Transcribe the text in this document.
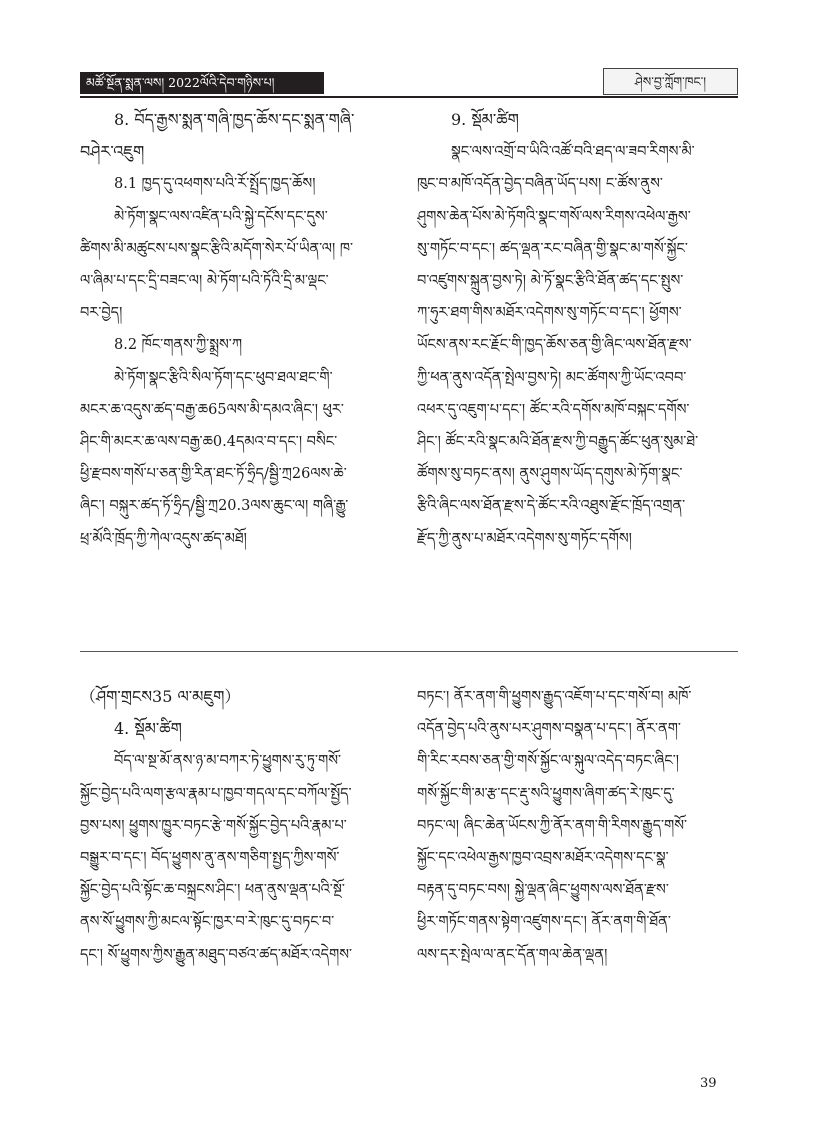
མཚོ་སྔོན་སྨན་ལས། 2022ལོའི་དེབ་གཉིས་པ།	ཤེས་བྱ་ཀློག་ཁང་།

8. བོད་རྒྱས་སྨན་གཞི་ཁྱད་ཆོས་དང་སྨན་གཞི་

བཤེར་འཇུག

8.1 ཁྱད་དུ་འཕགས་པའི་རོ་སྤྲོད་ཁྱད་ཆོས།

མེ་ཏོག་སྣང་ལས་འཛིན་པའི་སྐྱེ་དངོས་དང་དུས་

ཚིགས་མི་མཚུངས་པས་སྣང་རྩིའི་མདོག་སེར་པོ་ཡིན་ལ། ཁ་

ལ་ཞིམ་པ་དང་དྲི་བཟང་ལ། མེ་ཏོག་པའི་ཏོའི་དྲི་མ་ལྡང་

བར་བྱེད།

8.2 ཁོང་གནས་ཀྱི་སྨྲས་ཀ

མེ་ཏོག་སྣང་རྩིའི་སིལ་ཏོག་དང་ཕུབ་ཐལ་ཐང་གི་

མངར་ཆ་འདུས་ཚད་བརྒྱ་ཆ65ལས་མི་དམའ་ཞིང་། ཕུར་

ཤིང་གི་མངར་ཆ་ལས་བརྒྱ་ཆ0.4དམའ་བ་དང་། བསིང་

ཕྱི་རྫབས་གསོ་པ་ཅན་གྱི་རིན་ཐང་ཏོ་ཧྲིད/སྦྱི་ཀྲ26ལས་ཆེ་

ཞིང་། བསྐུར་ཚད་ཏོ་ཧྲིད/སྦྱི་ཀྲ20.3ལས་ཆུང་ལ། གཞི་རྒྱུ་

ཕྲ་མོའི་ཁྲོད་ཀྱི་ཀེལ་འདུས་ཚད་མཐོ།

9. སྡོམ་ཚིག

སྣང་ལས་འགྲོ་བ་ཡིའི་འཚོ་བའི་ཐད་ལ་ཟབ་རིགས་མི་

ཁུང་བ་མཁོ་འདོན་བྱེད་བཞིན་ཡོད་པས། ང་ཚོས་ནུས་

ཤུགས་ཆེན་པོས་མེ་ཏོགའི་སྣང་གསོ་ལས་རིགས་འཕེལ་རྒྱས་

སུ་གཏོང་བ་དང་། ཚད་ལྡན་རང་བཞིན་གྱི་སྣང་མ་གསོ་སྐྱོང་

བ་འཛུགས་སྐྲུན་བྱས་ཏེ། མེ་ཏོ་སྣང་རྩིའི་ཐོན་ཚད་དང་སྤུས་

ཀ་ཧུར་ཐག་གིས་མཐོར་འདེགས་སུ་གཏོང་བ་དང་། ཕྱོགས་

ཡོངས་ནས་རང་རྗོང་གི་ཁྱད་ཆོས་ཅན་གྱི་ཞིང་ལས་ཐོན་རྫས་

ཀྱི་ཕན་ནུས་འདོན་སྤེལ་བྱས་ཏེ། མང་ཚོགས་ཀྱི་ཡོང་འབབ་

འཕར་དུ་འཇུག་པ་དང་། ཚོང་རའི་དགོས་མཁོ་བསྐང་དགོས་

ཤིང་། ཚོང་རའི་སྣང་མའི་ཐོན་རྫས་ཀྱི་བརྒྱུད་ཚོང་ཕུན་སུམ་ཐེ་

ཚོགས་སུ་བཏང་ནས། ནུས་ཤུགས་ཡོད་དགུས་མེ་ཏོག་སྣང་

རྩིའི་ཞིང་ལས་ཐོན་རྫས་དེ་ཚོང་རའི་འཐུས་རྫོང་ཁྲོད་འགྲན་

རྫོད་ཀྱི་ནུས་པ་མཐོར་འདེགས་སུ་གཏོང་དགོས།

（ཤོག་གྲངས35 ལ་མཇུག）

4. སྡོམ་ཚིག

བོད་ལ་སྔ་མོ་ནས་ཉ་མ་བཀར་ཏེ་ཕྱུགས་རུ་ཏུ་གསོ་

སྐྱོང་བྱེད་པའི་ལག་རྩལ་རྣམ་པ་ཁྱབ་གདལ་དང་བཀོལ་སྤྱོད་

བྱས་པས། ཕྱུགས་ཁྱུར་བཏང་རྩེ་གསོ་སྐྱོང་བྱེད་པའི་རྣམ་པ་

བསྒྱུར་བ་དང་། བོད་ཕྱུགས་ནུ་ནས་གཅིག་སྤྱད་ཀྱིས་གསོ་

སྐྱོང་བྱེད་པའི་སྟོང་ཆ་བསྐྲངས་ཤིང་། ཕན་ནུས་ལྡན་པའི་སྔོ་

ནས་སོ་ཕྱུགས་ཀྱི་མངལ་སྟོང་ཁྱར་བ་རེ་ཁུང་དུ་བཏང་བ་

དང་། སོ་ཕྱུགས་ཀྱིས་རྒྱུན་མཐུད་བཙའ་ཚད་མཐོར་འདེགས་

བཏང་། ནོར་ནག་གི་ཕྱུགས་རྒྱུད་འཇོག་པ་དང་གསོ་བ། མཁོ་

འདོན་བྱེད་པའི་ནུས་པར་ཤུགས་བསྣན་པ་དང་། ནོར་ནག་

གི་རིང་རབས་ཅན་གྱི་གསོ་སྐྱོང་ལ་སྐུལ་འདེད་བཏང་ཞིང་།

གསོ་སྐྱོང་གི་མ་རྩ་དང་རྡུ་སའི་ཕྱུགས་ཞིག་ཚད་རེ་ཁུང་དུ་

བཏང་ལ། ཞིང་ཆེན་ཡོངས་ཀྱི་ནོར་ནག་གི་རིགས་རྒྱུད་གསོ་

སྐྱོང་དང་འཕེལ་རྒྱས་ཁྱབ་འབྲས་མཐོར་འདེགས་དང་སྣ་

བརྟན་དུ་བཏང་བས། སྐྱེ་ལྡན་ཞིང་ཕྱུགས་ལས་ཐོན་རྫས་

ཕྱིར་གཏོང་གནས་སྟེག་འཛུགས་དང་། ནོར་ནག་གི་ཐོན་

ལས་དར་སྤེལ་ལ་ནང་དོན་གལ་ཆེན་ལྡན།

39
